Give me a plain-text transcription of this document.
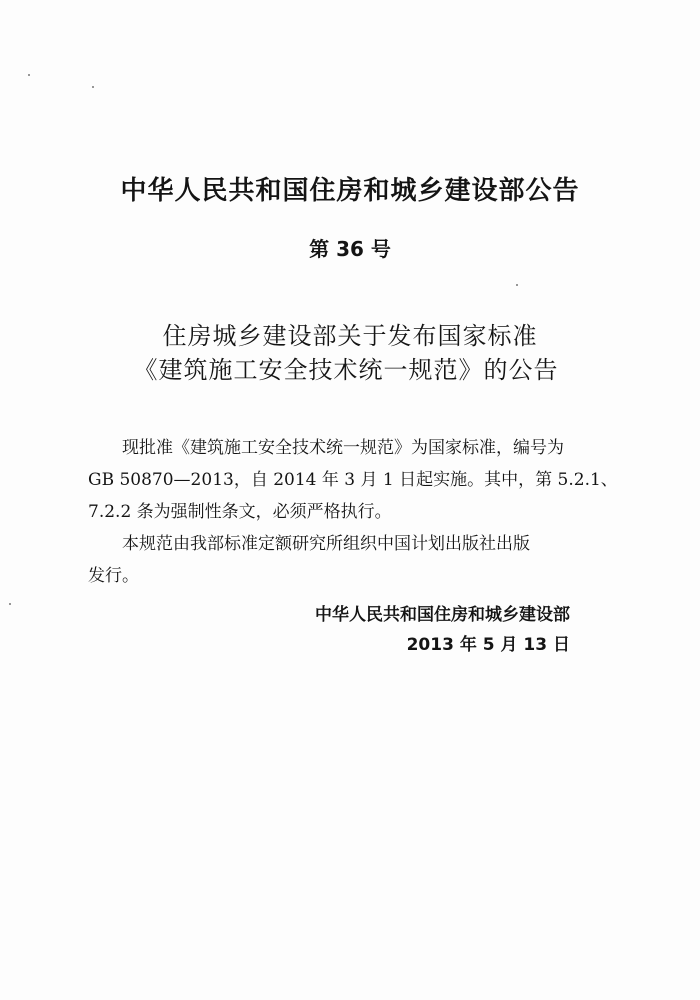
中华人民共和国住房和城乡建设部公告
第 36 号
住房城乡建设部关于发布国家标准
《建筑施工安全技术统一规范》的公告
现批准《建筑施工安全技术统一规范》为国家标准，编号为
GB 50870—2013，自 2014 年 3 月 1 日起实施。其中，第 5.2.1、
7.2.2 条为强制性条文，必须严格执行。
本规范由我部标准定额研究所组织中国计划出版社出版
发行。
中华人民共和国住房和城乡建设部
2013 年 5 月 13 日
